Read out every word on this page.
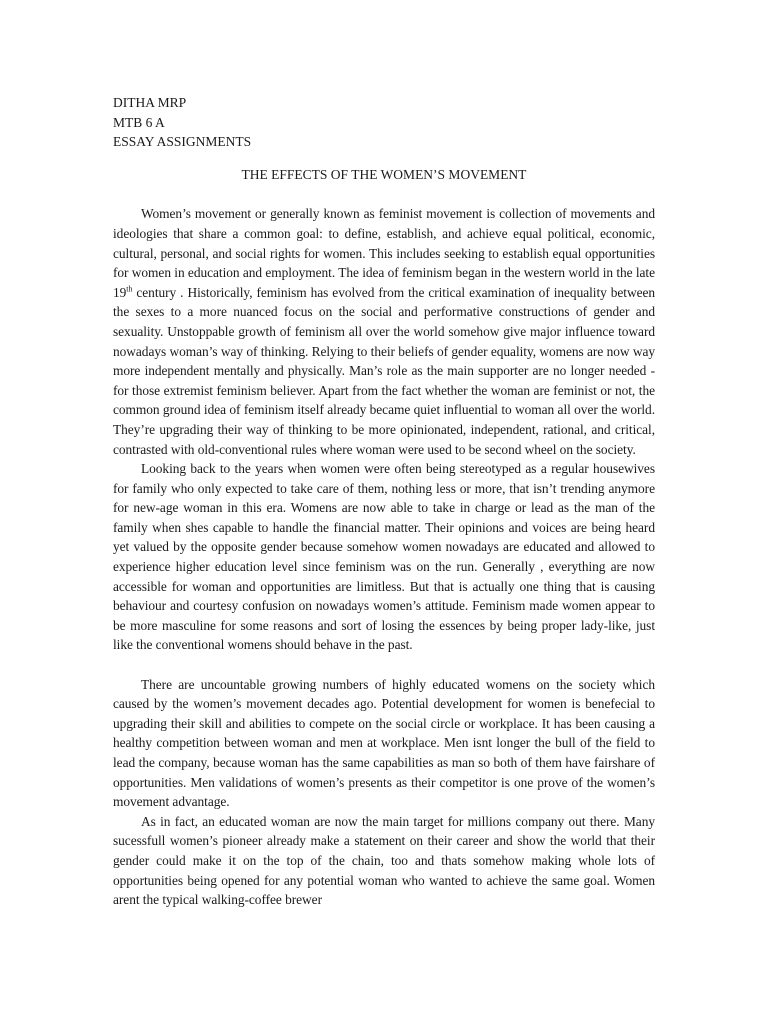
DITHA MRP

MTB 6 A

ESSAY ASSIGNMENTS

THE EFFECTS OF THE WOMEN’S MOVEMENT

Women’s movement or generally known as feminist movement is collection of movements and ideologies that share a common goal: to define, establish, and achieve equal political, economic, cultural, personal, and social rights for women. This includes seeking to establish equal opportunities for women in education and employment. The idea of feminism began in the western world in the late 19th century . Historically, feminism has evolved from the critical examination of inequality between the sexes to a more nuanced focus on the social and performative constructions of gender and sexuality. Unstoppable growth of feminism all over the world somehow give major influence toward nowadays woman’s way of thinking. Relying to their beliefs of gender equality, womens are now way more independent mentally and physically. Man’s role as the main supporter are no longer needed - for those extremist feminism believer. Apart from the fact whether the woman are feminist or not, the common ground idea of feminism itself already became quiet influential to woman all over the world. They’re upgrading their way of thinking to be more opinionated, independent, rational, and critical, contrasted with old-conventional rules where woman were used to be second wheel on the society.

Looking back to the years when women were often being stereotyped as a regular housewives for family who only expected to take care of them, nothing less or more, that isn’t trending anymore for new-age woman in this era. Womens are now able to take in charge or lead as the man of the family when shes capable to handle the financial matter. Their opinions and voices are being heard yet valued by the opposite gender because somehow women nowadays are educated and allowed to experience higher education level since feminism was on the run. Generally , everything are now accessible for woman and opportunities are limitless. But that is actually one thing that is causing behaviour and courtesy confusion on nowadays women’s attitude. Feminism made women appear to be more masculine for some reasons and sort of losing the essences by being proper lady-like, just like the conventional womens should behave in the past.

There are uncountable growing numbers of highly educated womens on the society which caused by the women’s movement decades ago. Potential development for women is benefecial to upgrading their skill and abilities to compete on the social circle or workplace. It has been causing a healthy competition between woman and men at workplace. Men isnt longer the bull of the field to lead the company, because woman has the same capabilities as man so both of them have fairshare of opportunities. Men validations of women’s presents as their competitor is one prove of the women’s movement advantage.

As in fact, an educated woman are now the main target for millions company out there. Many sucessfull women’s pioneer already make a statement on their career and show the world that their gender could make it on the top of the chain, too and thats somehow making whole lots of opportunities being opened for any potential woman who wanted to achieve the same goal. Women arent the typical walking-coffee brewer
